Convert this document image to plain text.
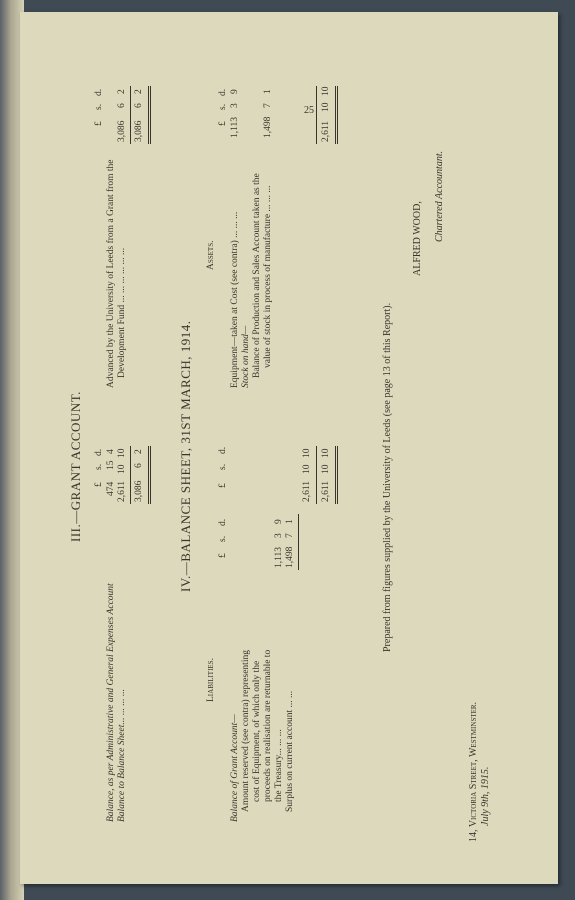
25
III.—GRANT ACCOUNT. £
s.
d.
Balance, as per Administrative and General Expenses Account
474
15
4
Balance to Balance Sheet... ... ... ...
2,611
10
10
3,086
6
2
Advanced by the University of Leeds from a Grant from the Development Fund ... ... ... ... ... ...
£
s.
d.
3,086
6
2
3,086
6
2
IV.—BALANCE SHEET, 31ST MARCH, 1914.
Liabilities.
Assets.
£
s.
d.
£
s.
d.
Balance of Grant Account— Amount reserved (see contra) representing cost of Equipment, of which only the proceeds on realisation are returnable to the Treasury... ... ... Surplus on current account ... ...
1,113
3
9
1,498
7
1
2,611
10
10
2,611
10
10
£
s.
d.
Equipment—taken at Cost (see contra) ... ... ... Stock on hand— Balance of Production and Sales Account taken as the value of stock in process of manufacture ... ... ...
1,113
3
9
1,498
7
1
2,611
10
10
Prepared from figures supplied by the University of Leeds (see page 13 of this Report).
ALFRED WOOD, Chartered Accountant.
14, Victoria Street, Westminster. July 9th, 1915.
